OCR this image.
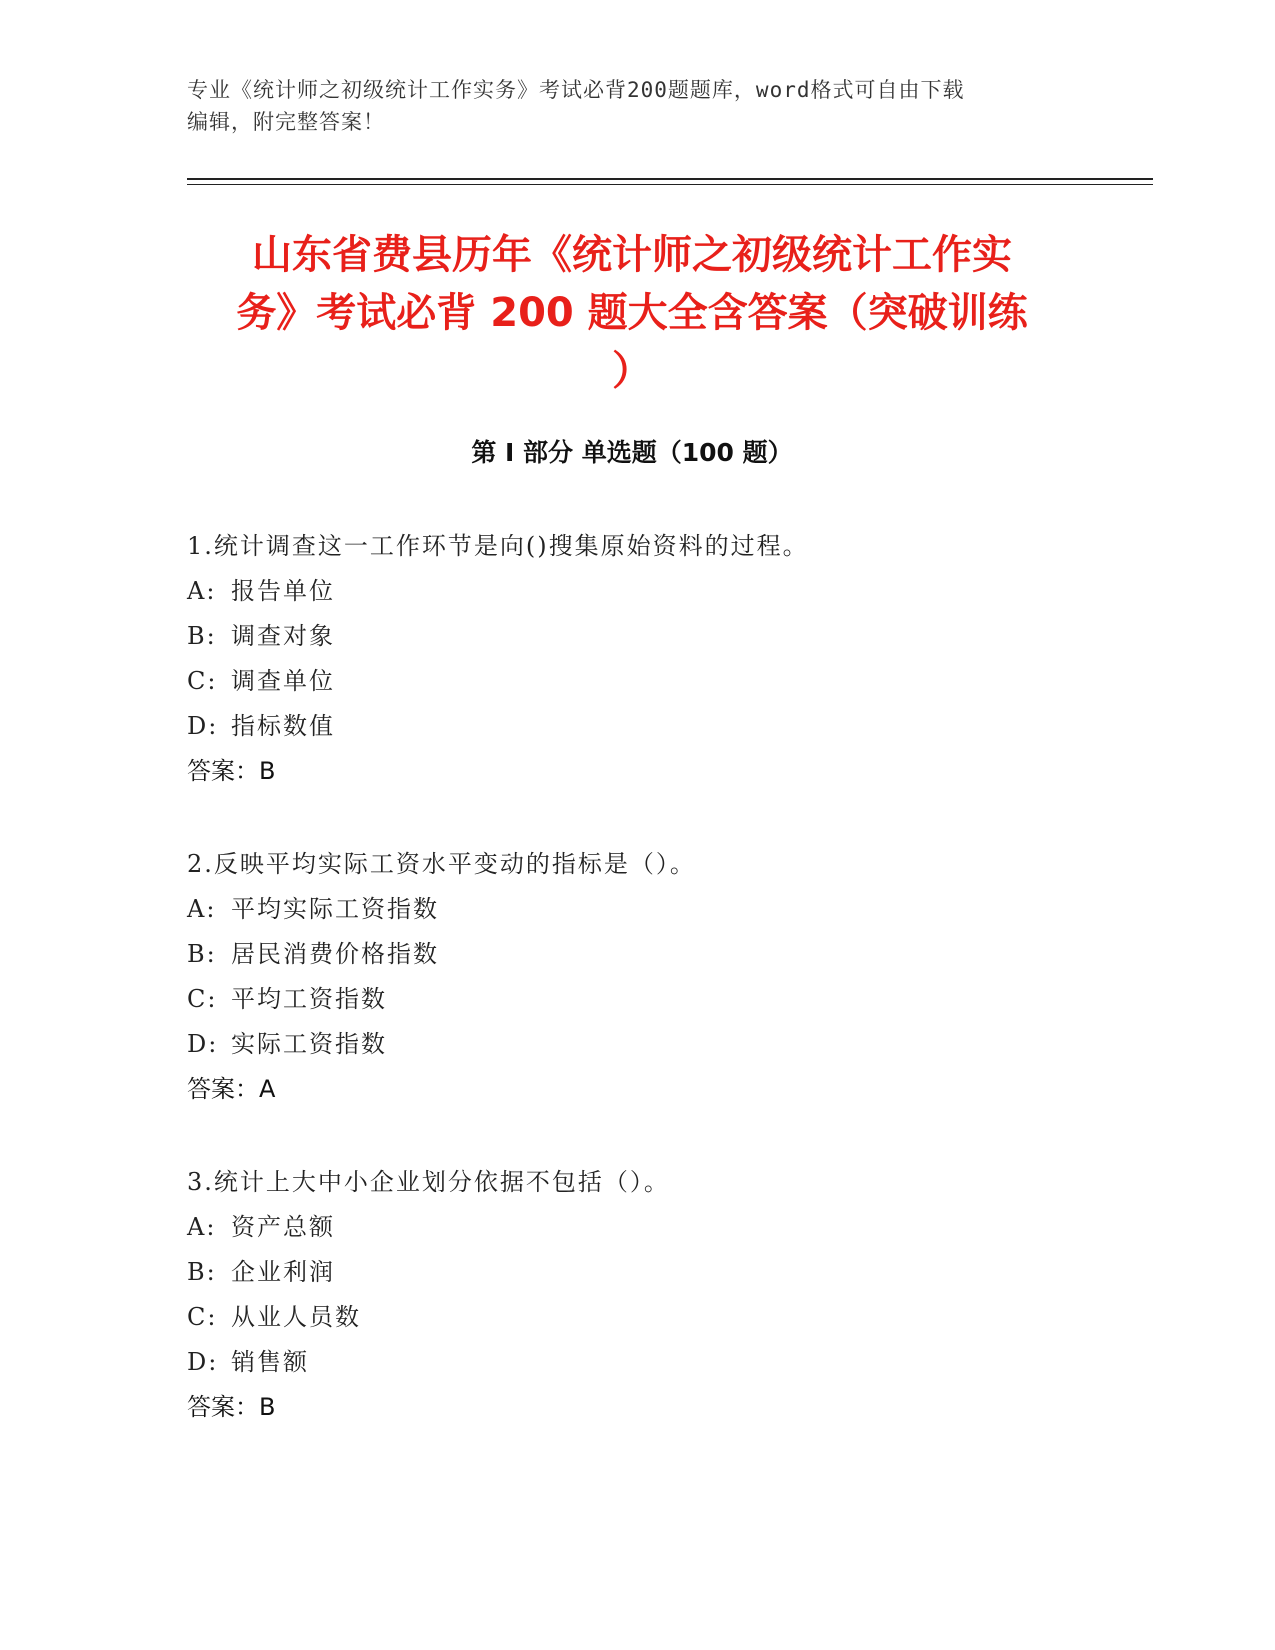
专业《统计师之初级统计工作实务》考试必背200题题库，word格式可自由下载
编辑，附完整答案！
山东省费县历年《统计师之初级统计工作实
务》考试必背 200 题大全含答案（突破训练
）
第 I 部分 单选题（100 题）
1.统计调查这一工作环节是向()搜集原始资料的过程。
A: 报告单位
B: 调查对象
C: 调查单位
D: 指标数值
答案：B
2.反映平均实际工资水平变动的指标是（）。
A: 平均实际工资指数
B: 居民消费价格指数
C: 平均工资指数
D: 实际工资指数
答案：A
3.统计上大中小企业划分依据不包括（）。
A: 资产总额
B: 企业利润
C: 从业人员数
D: 销售额
答案：B
